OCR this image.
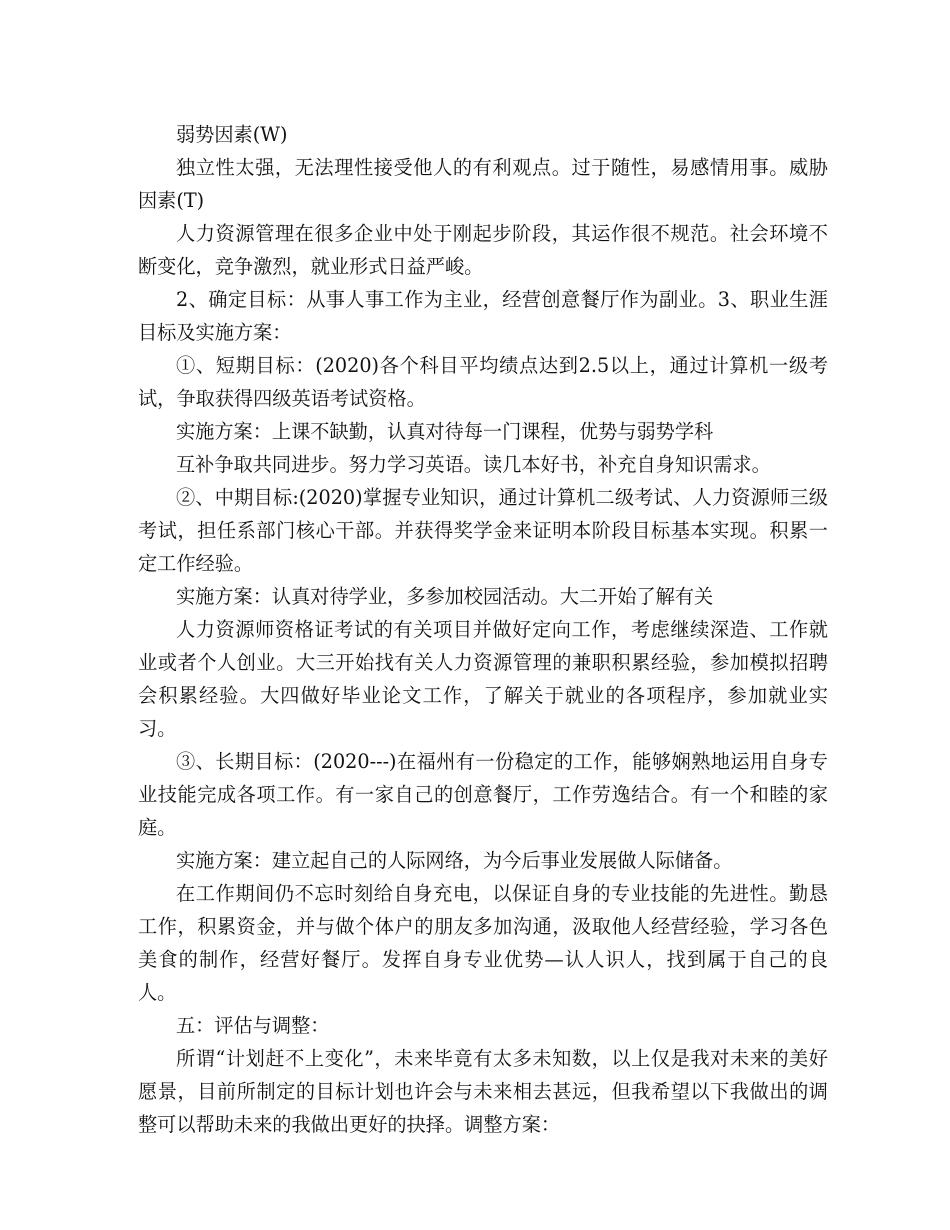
弱势因素(W)

独立性太强，无法理性接受他人的有利观点。过于随性，易感情用事。威胁因素(T)

人力资源管理在很多企业中处于刚起步阶段，其运作很不规范。社会环境不断变化，竞争激烈，就业形式日益严峻。

2、确定目标：从事人事工作为主业，经营创意餐厅作为副业。3、职业生涯目标及实施方案：

①、短期目标：(2020)各个科目平均绩点达到2.5以上，通过计算机一级考试，争取获得四级英语考试资格。

实施方案：上课不缺勤，认真对待每一门课程，优势与弱势学科

互补争取共同进步。努力学习英语。读几本好书，补充自身知识需求。

②、中期目标:(2020)掌握专业知识，通过计算机二级考试、人力资源师三级考试，担任系部门核心干部。并获得奖学金来证明本阶段目标基本实现。积累一定工作经验。

实施方案：认真对待学业，多参加校园活动。大二开始了解有关

人力资源师资格证考试的有关项目并做好定向工作，考虑继续深造、工作就业或者个人创业。大三开始找有关人力资源管理的兼职积累经验，参加模拟招聘会积累经验。大四做好毕业论文工作，了解关于就业的各项程序，参加就业实习。

③、长期目标：(2020---)在福州有一份稳定的工作，能够娴熟地运用自身专业技能完成各项工作。有一家自己的创意餐厅，工作劳逸结合。有一个和睦的家庭。

实施方案：建立起自己的人际网络，为今后事业发展做人际储备。

在工作期间仍不忘时刻给自身充电，以保证自身的专业技能的先进性。勤恳工作，积累资金，并与做个体户的朋友多加沟通，汲取他人经营经验，学习各色美食的制作，经营好餐厅。发挥自身专业优势—认人识人，找到属于自己的良人。

五：评估与调整：

所谓“计划赶不上变化”，未来毕竟有太多未知数，以上仅是我对未来的美好愿景，目前所制定的目标计划也许会与未来相去甚远，但我希望以下我做出的调整可以帮助未来的我做出更好的抉择。调整方案：
